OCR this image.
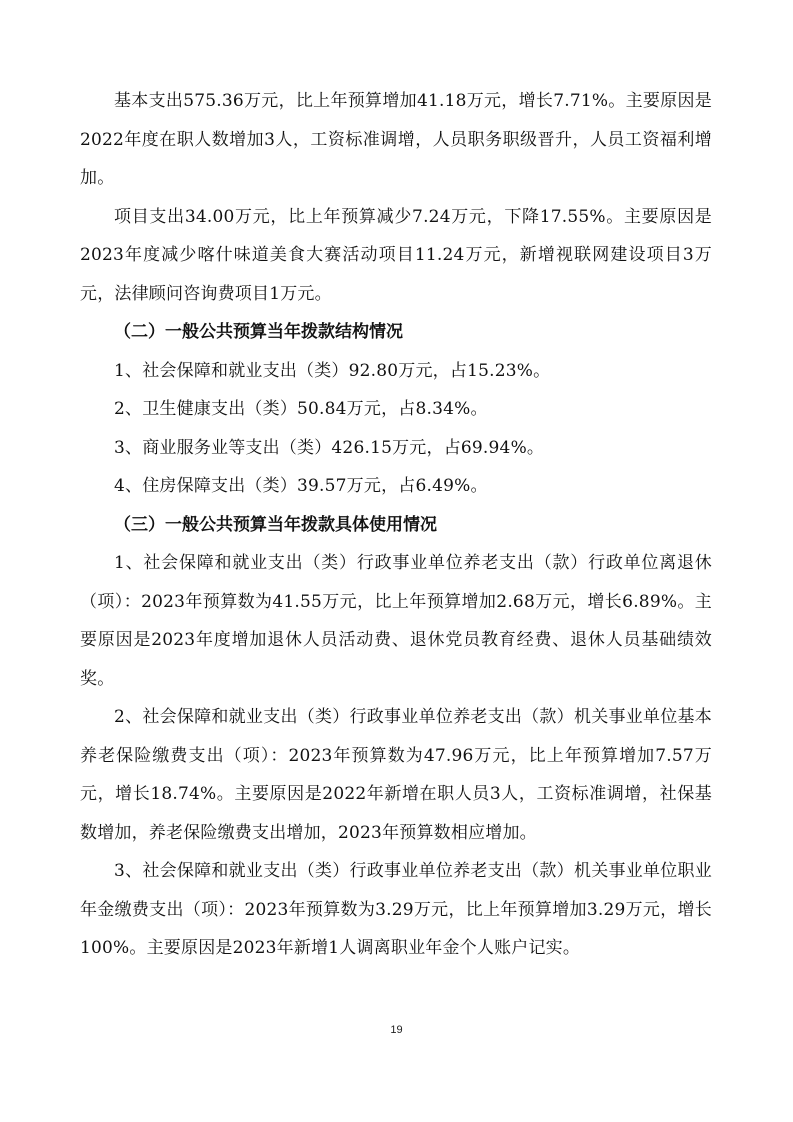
基本支出575.36万元，比上年预算增加41.18万元，增长7.71%。主要原因是2022年度在职人数增加3人，工资标准调增，人员职务职级晋升，人员工资福利增加。

项目支出34.00万元，比上年预算减少7.24万元，下降17.55%。主要原因是2023年度减少喀什味道美食大赛活动项目11.24万元，新增视联网建设项目3万元，法律顾问咨询费项目1万元。

（二）一般公共预算当年拨款结构情况

1、社会保障和就业支出（类）92.80万元，占15.23%。

2、卫生健康支出（类）50.84万元，占8.34%。

3、商业服务业等支出（类）426.15万元，占69.94%。

4、住房保障支出（类）39.57万元，占6.49%。

（三）一般公共预算当年拨款具体使用情况

1、社会保障和就业支出（类）行政事业单位养老支出（款）行政单位离退休（项）：2023年预算数为41.55万元，比上年预算增加2.68万元，增长6.89%。主要原因是2023年度增加退休人员活动费、退休党员教育经费、退休人员基础绩效奖。

2、社会保障和就业支出（类）行政事业单位养老支出（款）机关事业单位基本养老保险缴费支出（项）：2023年预算数为47.96万元，比上年预算增加7.57万元，增长18.74%。主要原因是2022年新增在职人员3人，工资标准调增，社保基数增加，养老保险缴费支出增加，2023年预算数相应增加。

3、社会保障和就业支出（类）行政事业单位养老支出（款）机关事业单位职业年金缴费支出（项）：2023年预算数为3.29万元，比上年预算增加3.29万元，增长100%。主要原因是2023年新增1人调离职业年金个人账户记实。

19
